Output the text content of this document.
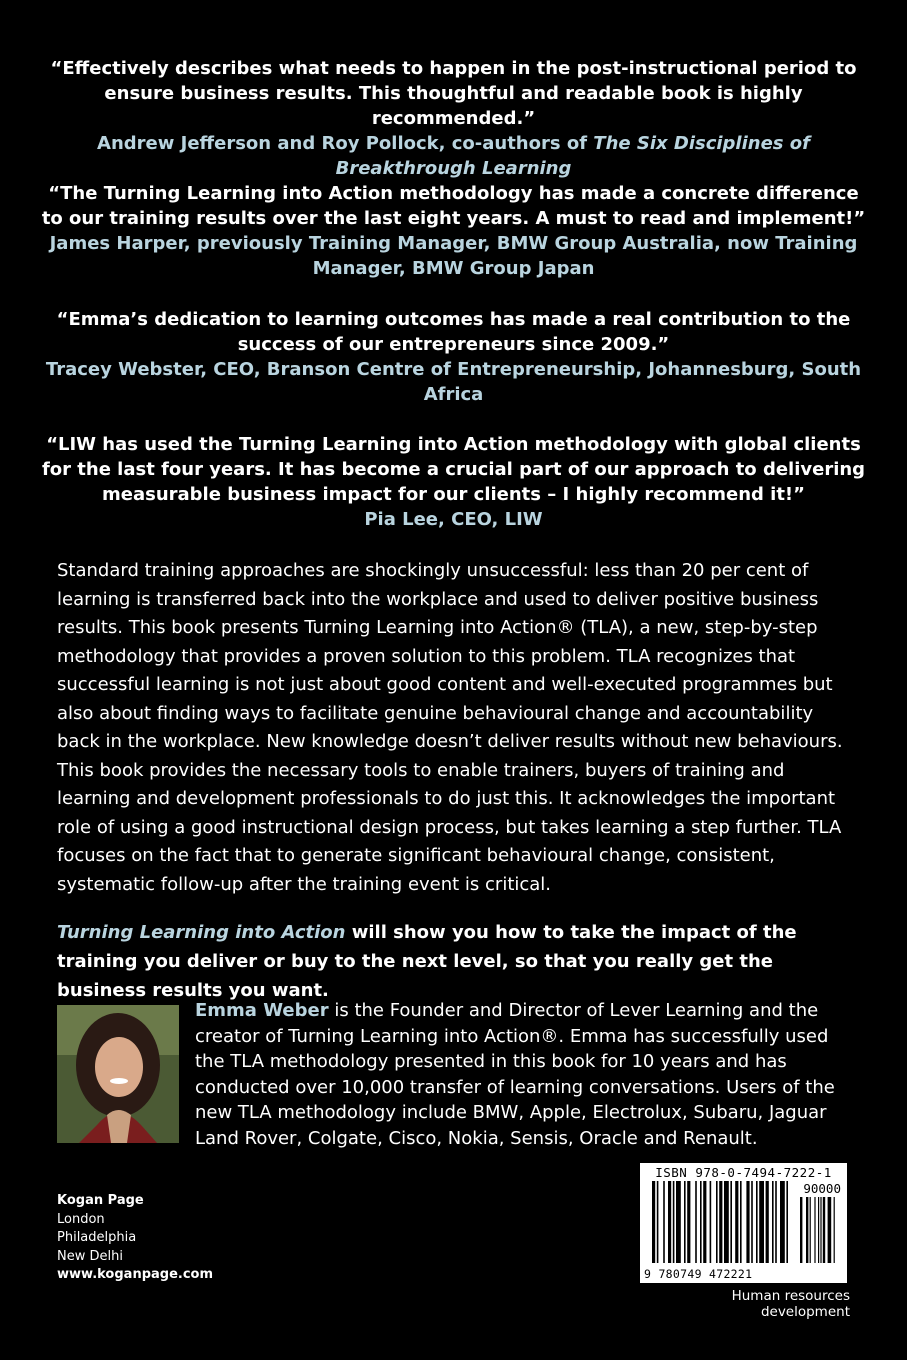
“Effectively describes what needs to happen in the post-instructional period to ensure business results. This thoughtful and readable book is highly recommended.”
Andrew Jefferson and Roy Pollock, co-authors of The Six Disciplines of Breakthrough Learning
“The Turning Learning into Action methodology has made a concrete difference to our training results over the last eight years. A must to read and implement!”
James Harper, previously Training Manager, BMW Group Australia, now Training Manager, BMW Group Japan
“Emma’s dedication to learning outcomes has made a real contribution to the success of our entrepreneurs since 2009.”
Tracey Webster, CEO, Branson Centre of Entrepreneurship, Johannesburg, South Africa
“LIW has used the Turning Learning into Action methodology with global clients for the last four years. It has become a crucial part of our approach to delivering measurable business impact for our clients – I highly recommend it!”
Pia Lee, CEO, LIW
Standard training approaches are shockingly unsuccessful: less than 20 per cent of learning is transferred back into the workplace and used to deliver positive business results. This book presents Turning Learning into Action® (TLA), a new, step-by-step methodology that provides a proven solution to this problem. TLA recognizes that successful learning is not just about good content and well-executed programmes but also about finding ways to facilitate genuine behavioural change and accountability back in the workplace. New knowledge doesn’t deliver results without new behaviours. This book provides the necessary tools to enable trainers, buyers of training and learning and development professionals to do just this. It acknowledges the important role of using a good instructional design process, but takes learning a step further. TLA focuses on the fact that to generate significant behavioural change, consistent, systematic follow-up after the training event is critical.
Turning Learning into Action will show you how to take the impact of the training you deliver or buy to the next level, so that you really get the business results you want.
Emma Weber is the Founder and Director of Lever Learning and the creator of Turning Learning into Action®. Emma has successfully used the TLA methodology presented in this book for 10 years and has conducted over 10,000 transfer of learning conversations. Users of the new TLA methodology include BMW, Apple, Electrolux, Subaru, Jaguar Land Rover, Colgate, Cisco, Nokia, Sensis, Oracle and Renault.
Kogan Page
London
Philadelphia
New Delhi
www.koganpage.com
ISBN 978-0-7494-7222-1
90000
9 780749 472221
Human resources development
